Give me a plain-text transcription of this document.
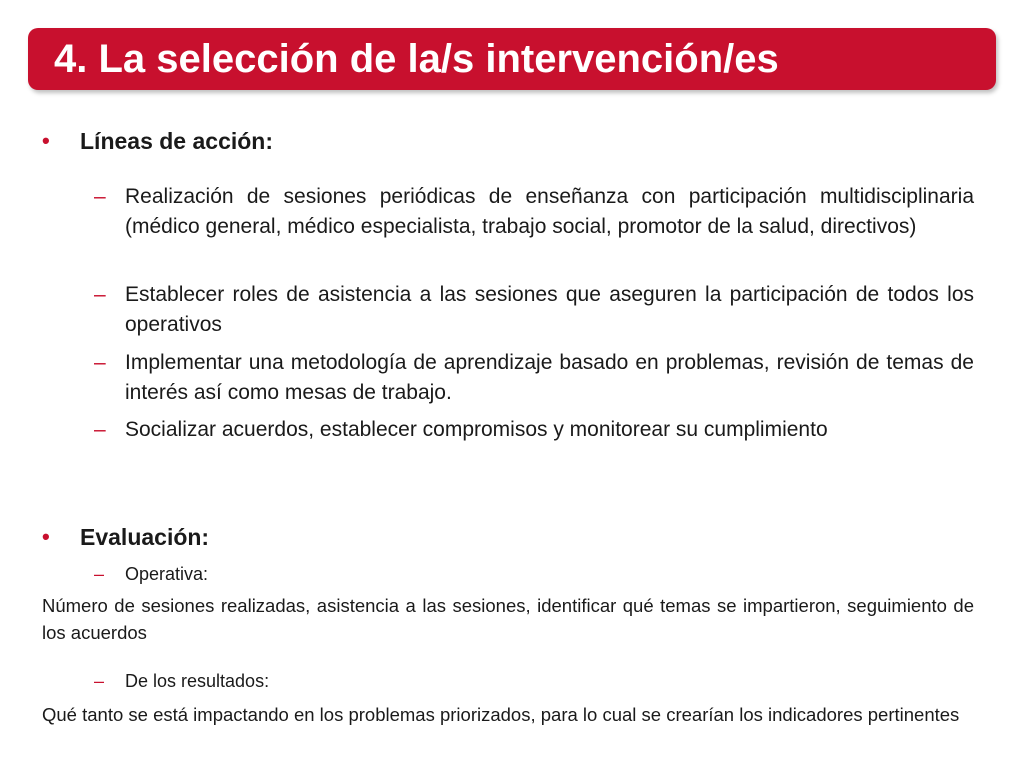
4. La selección de la/s intervención/es
• Líneas de acción:
– Realización de sesiones periódicas de enseñanza con participación multidisciplinaria (médico general, médico especialista, trabajo social, promotor de la salud, directivos)
– Establecer roles de asistencia a las sesiones que aseguren la participación de todos los operativos
– Implementar una metodología de aprendizaje basado en problemas, revisión de temas de interés así como mesas de trabajo.
– Socializar acuerdos, establecer compromisos y monitorear su cumplimiento
• Evaluación:
– Operativa:
Número de sesiones realizadas, asistencia a las sesiones, identificar qué temas se impartieron, seguimiento de los acuerdos
– De los resultados:
Qué tanto se está impactando en los problemas priorizados, para lo cual se crearían los indicadores pertinentes
